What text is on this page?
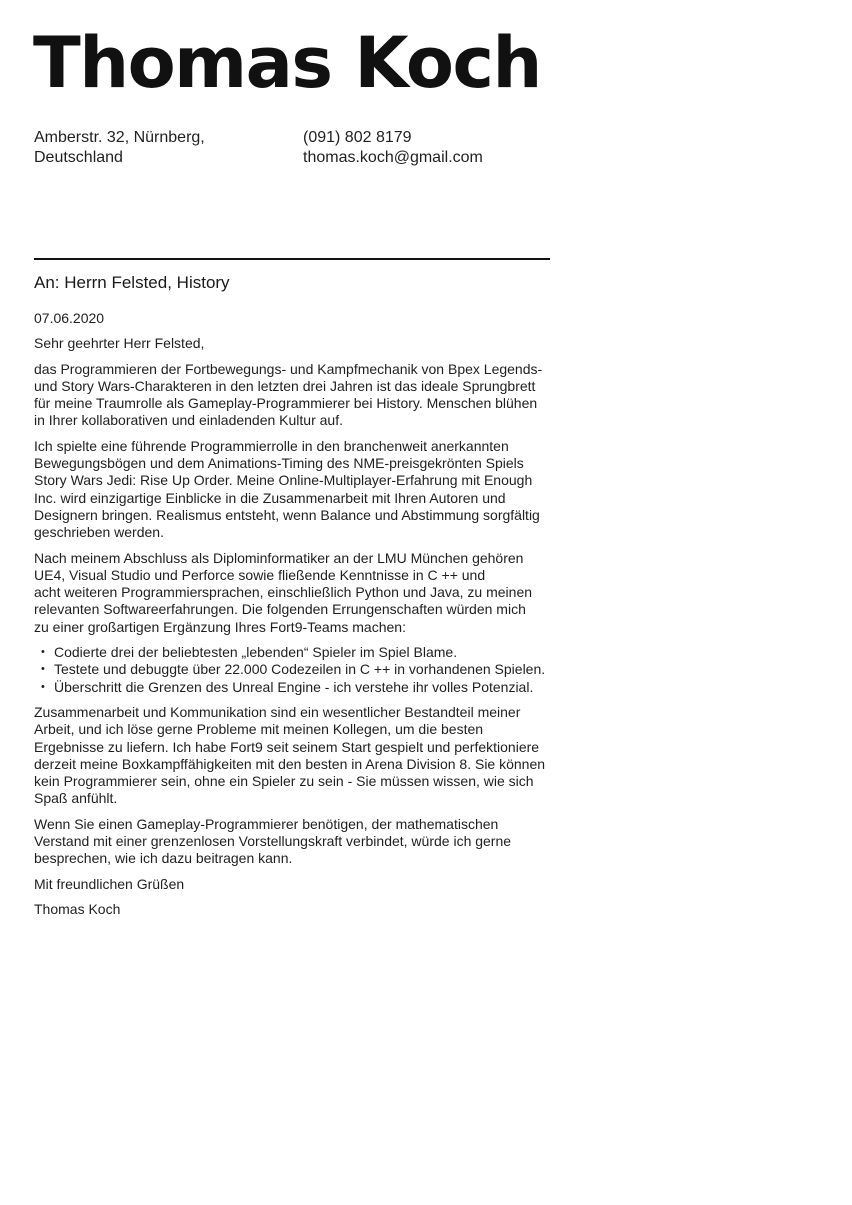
Thomas Koch
Amberstr. 32, Nürnberg,
Deutschland
(091) 802 8179
thomas.koch@gmail.com
An: Herrn Felsted, History

07.06.2020

Sehr geehrter Herr Felsted,

das Programmieren der Fortbewegungs- und Kampfmechanik von Bpex Legends-
und Story Wars-Charakteren in den letzten drei Jahren ist das ideale Sprungbrett
für meine Traumrolle als Gameplay-Programmierer bei History. Menschen blühen
in Ihrer kollaborativen und einladenden Kultur auf.

Ich spielte eine führende Programmierrolle in den branchenweit anerkannten
Bewegungsbögen und dem Animations-Timing des NME-preisgekrönten Spiels
Story Wars Jedi: Rise Up Order. Meine Online-Multiplayer-Erfahrung mit Enough
Inc. wird einzigartige Einblicke in die Zusammenarbeit mit Ihren Autoren und
Designern bringen. Realismus entsteht, wenn Balance und Abstimmung sorgfältig
geschrieben werden.

Nach meinem Abschluss als Diplominformatiker an der LMU München gehören
UE4, Visual Studio und Perforce sowie fließende Kenntnisse in C ++ und
acht weiteren Programmiersprachen, einschließlich Python und Java, zu meinen
relevanten Softwareerfahrungen. Die folgenden Errungenschaften würden mich
zu einer großartigen Ergänzung Ihres Fort9-Teams machen:

• Codierte drei der beliebtesten „lebenden“ Spieler im Spiel Blame.
• Testete und debuggte über 22.000 Codezeilen in C ++ in vorhandenen Spielen.
• Überschritt die Grenzen des Unreal Engine - ich verstehe ihr volles Potenzial.

Zusammenarbeit und Kommunikation sind ein wesentlicher Bestandteil meiner
Arbeit, und ich löse gerne Probleme mit meinen Kollegen, um die besten
Ergebnisse zu liefern. Ich habe Fort9 seit seinem Start gespielt und perfektioniere
derzeit meine Boxkampffähigkeiten mit den besten in Arena Division 8. Sie können
kein Programmierer sein, ohne ein Spieler zu sein - Sie müssen wissen, wie sich
Spaß anfühlt.

Wenn Sie einen Gameplay-Programmierer benötigen, der mathematischen
Verstand mit einer grenzenlosen Vorstellungskraft verbindet, würde ich gerne
besprechen, wie ich dazu beitragen kann.

Mit freundlichen Grüßen

Thomas Koch
